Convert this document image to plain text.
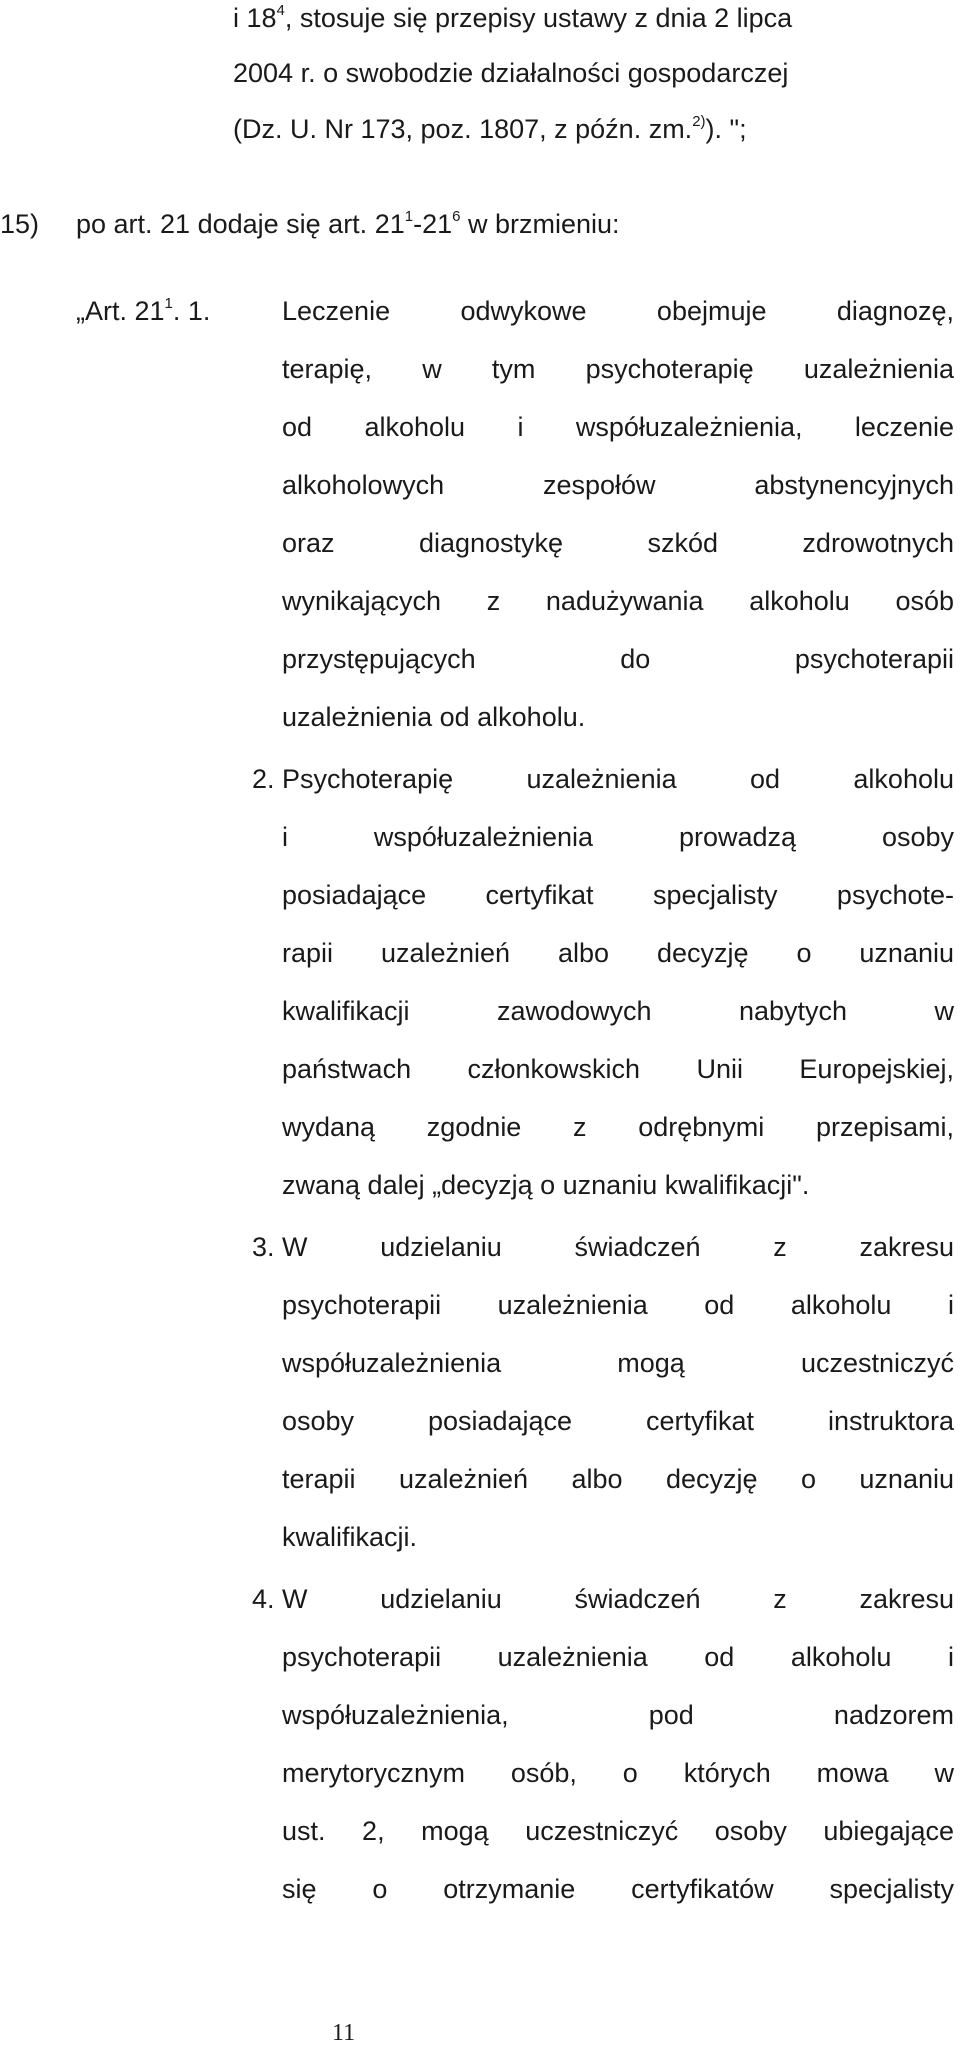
i $18^4$, stosuje się przepisy ustawy z dnia 2 lipca
2004 r. o swobodzie działalności gospodarczej
(Dz. U. Nr 173, poz. 1807, z późn. zm.$^{2)}$). ";
15) po art. 21 dodaje się art. $21^1-21^6$ w brzmieniu:
„Art. $21^1$. 1.	Leczenie odwykowe obejmuje diagnozę,
terapię, w tym psychoterapię uzależnienia
od alkoholu i współuzależnienia, leczenie
alkoholowych zespołów abstynencyjnych
oraz diagnostykę szkód zdrowotnych
wynikających z nadużywania alkoholu osób
przystępujących do psychoterapii
uzależnienia od alkoholu.
2. Psychoterapię uzależnienia od alkoholu
i współuzależnienia prowadzą osoby
posiadające certyfikat specjalisty psychote-
rapii uzależnień albo decyzję o uznaniu
kwalifikacji zawodowych nabytych w
państwach członkowskich Unii Europejskiej,
wydaną zgodnie z odrębnymi przepisami,
zwaną dalej „decyzją o uznaniu kwalifikacji".
3. W udzielaniu świadczeń z zakresu
psychoterapii uzależnienia od alkoholu i
współuzależnienia mogą uczestniczyć
osoby posiadające certyfikat instruktora
terapii uzależnień albo decyzję o uznaniu
kwalifikacji.
4. W udzielaniu świadczeń z zakresu
psychoterapii uzależnienia od alkoholu i
współuzależnienia, pod nadzorem
merytorycznym osób, o których mowa w
ust. 2, mogą uczestniczyć osoby ubiegające
się o otrzymanie certyfikatów specjalisty
11
